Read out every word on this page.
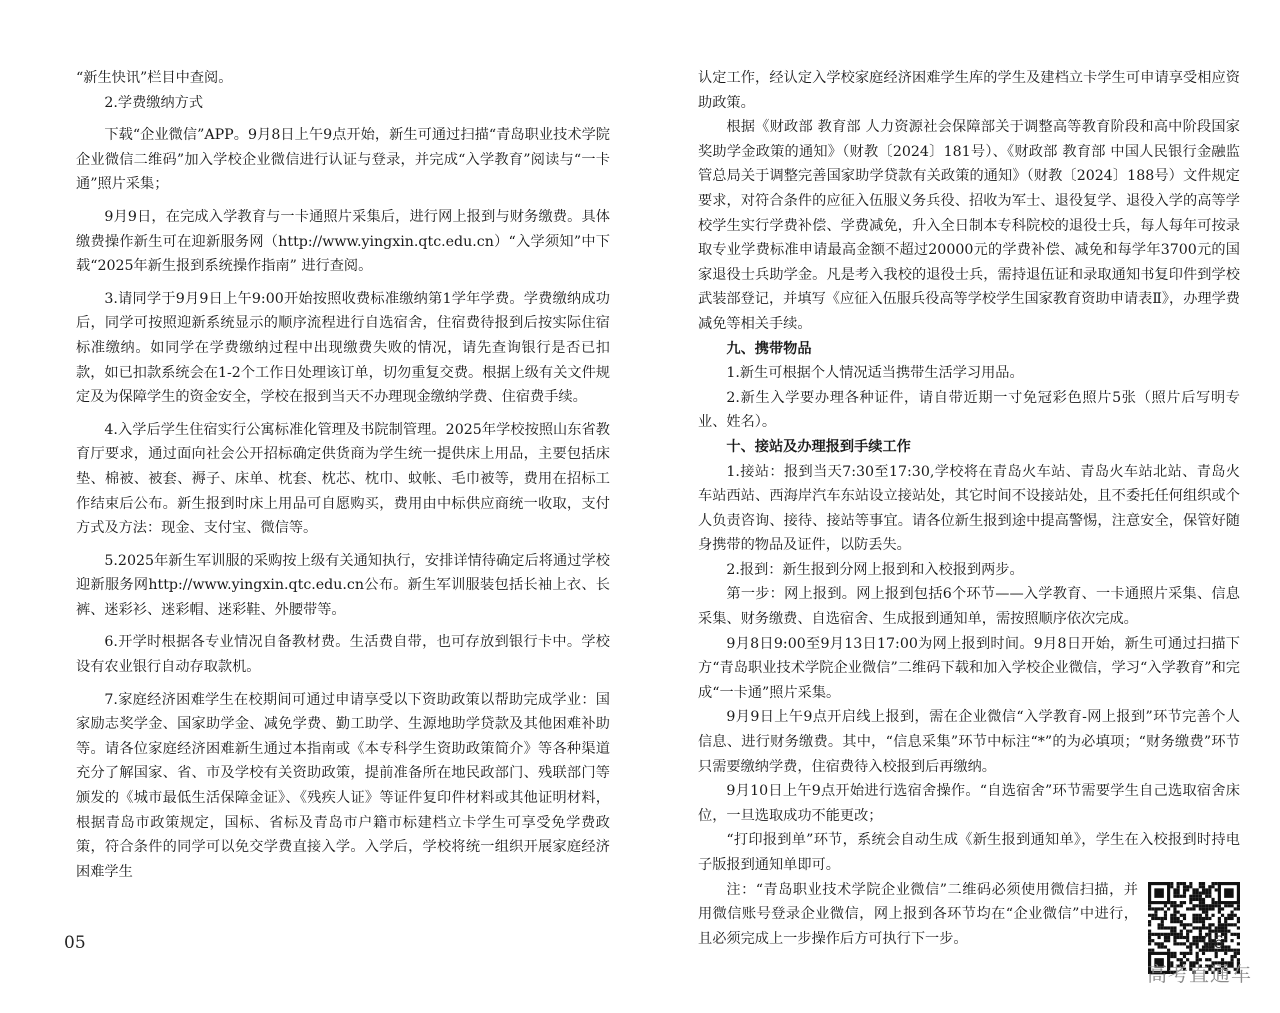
“新生快讯”栏目中查阅。

2.学费缴纳方式

下载“企业微信”APP。9月8日上午9点开始，新生可通过扫描“青岛职业技术学院企业微信二维码”加入学校企业微信进行认证与登录，并完成“入学教育”阅读与“一卡通”照片采集；

9月9日，在完成入学教育与一卡通照片采集后，进行网上报到与财务缴费。具体缴费操作新生可在迎新服务网（http://www.yingxin.qtc.edu.cn）“入学须知”中下载“2025年新生报到系统操作指南” 进行查阅。

3.请同学于9月9日上午9:00开始按照收费标准缴纳第1学年学费。学费缴纳成功后，同学可按照迎新系统显示的顺序流程进行自选宿舍，住宿费待报到后按实际住宿标准缴纳。如同学在学费缴纳过程中出现缴费失败的情况，请先查询银行是否已扣款，如已扣款系统会在1-2个工作日处理该订单，切勿重复交费。根据上级有关文件规定及为保障学生的资金安全，学校在报到当天不办理现金缴纳学费、住宿费手续。

4.入学后学生住宿实行公寓标准化管理及书院制管理。2025年学校按照山东省教育厅要求，通过面向社会公开招标确定供货商为学生统一提供床上用品，主要包括床垫、棉被、被套、褥子、床单、枕套、枕芯、枕巾、蚊帐、毛巾被等，费用在招标工作结束后公布。新生报到时床上用品可自愿购买，费用由中标供应商统一收取，支付方式及方法：现金、支付宝、微信等。

5.2025年新生军训服的采购按上级有关通知执行，安排详情待确定后将通过学校迎新服务网http://www.yingxin.qtc.edu.cn公布。新生军训服装包括长袖上衣、长裤、迷彩衫、迷彩帽、迷彩鞋、外腰带等。

6.开学时根据各专业情况自备教材费。生活费自带，也可存放到银行卡中。学校设有农业银行自动存取款机。

7.家庭经济困难学生在校期间可通过申请享受以下资助政策以帮助完成学业：国家励志奖学金、国家助学金、减免学费、勤工助学、生源地助学贷款及其他困难补助等。请各位家庭经济困难新生通过本指南或《本专科学生资助政策简介》等各种渠道充分了解国家、省、市及学校有关资助政策，提前准备所在地民政部门、残联部门等颁发的《城市最低生活保障金证》、《残疾人证》等证件复印件材料或其他证明材料，根据青岛市政策规定，国标、省标及青岛市户籍市标建档立卡学生可享受免学费政策，符合条件的同学可以免交学费直接入学。入学后，学校将统一组织开展家庭经济困难学生

05

认定工作，经认定入学校家庭经济困难学生库的学生及建档立卡学生可申请享受相应资助政策。

根据《财政部 教育部 人力资源社会保障部关于调整高等教育阶段和高中阶段国家奖助学金政策的通知》（财教〔2024〕181号）、《财政部 教育部 中国人民银行金融监管总局关于调整完善国家助学贷款有关政策的通知》（财教〔2024〕188号）文件规定要求，对符合条件的应征入伍服义务兵役、招收为军士、退役复学、退役入学的高等学校学生实行学费补偿、学费减免，升入全日制本专科院校的退役士兵，每人每年可按录取专业学费标准申请最高金额不超过20000元的学费补偿、减免和每学年3700元的国家退役士兵助学金。凡是考入我校的退役士兵，需持退伍证和录取通知书复印件到学校武装部登记，并填写《应征入伍服兵役高等学校学生国家教育资助申请表Ⅱ》，办理学费减免等相关手续。

九、携带物品

1.新生可根据个人情况适当携带生活学习用品。

2.新生入学要办理各种证件，请自带近期一寸免冠彩色照片5张（照片后写明专业、姓名）。

十、接站及办理报到手续工作

1.接站：报到当天7:30至17:30,学校将在青岛火车站、青岛火车站北站、青岛火车站西站、西海岸汽车东站设立接站处，其它时间不设接站处，且不委托任何组织或个人负责咨询、接待、接站等事宜。请各位新生报到途中提高警惕，注意安全，保管好随身携带的物品及证件，以防丢失。

2.报到：新生报到分网上报到和入校报到两步。

第一步：网上报到。网上报到包括6个环节——入学教育、一卡通照片采集、信息采集、财务缴费、自选宿舍、生成报到通知单，需按照顺序依次完成。

9月8日9:00至9月13日17:00为网上报到时间。9月8日开始，新生可通过扫描下方“青岛职业技术学院企业微信”二维码下载和加入学校企业微信，学习“入学教育”和完成“一卡通”照片采集。

9月9日上午9点开启线上报到，需在企业微信“入学教育-网上报到”环节完善个人信息、进行财务缴费。其中，“信息采集”环节中标注“*”的为必填项；“财务缴费”环节只需要缴纳学费，住宿费待入校报到后再缴纳。

9月10日上午9点开始进行选宿舍操作。“自选宿舍”环节需要学生自己选取宿舍床位，一旦选取成功不能更改；

“打印报到单”环节，系统会自动生成《新生报到通知单》，学生在入校报到时持电子版报到通知单即可。

注：“青岛职业技术学院企业微信”二维码必须使用微信扫描，并用微信账号登录企业微信，网上报到各环节均在“企业微信”中进行，且必须完成上一步操作后方可执行下一步。	06
高考直通车
